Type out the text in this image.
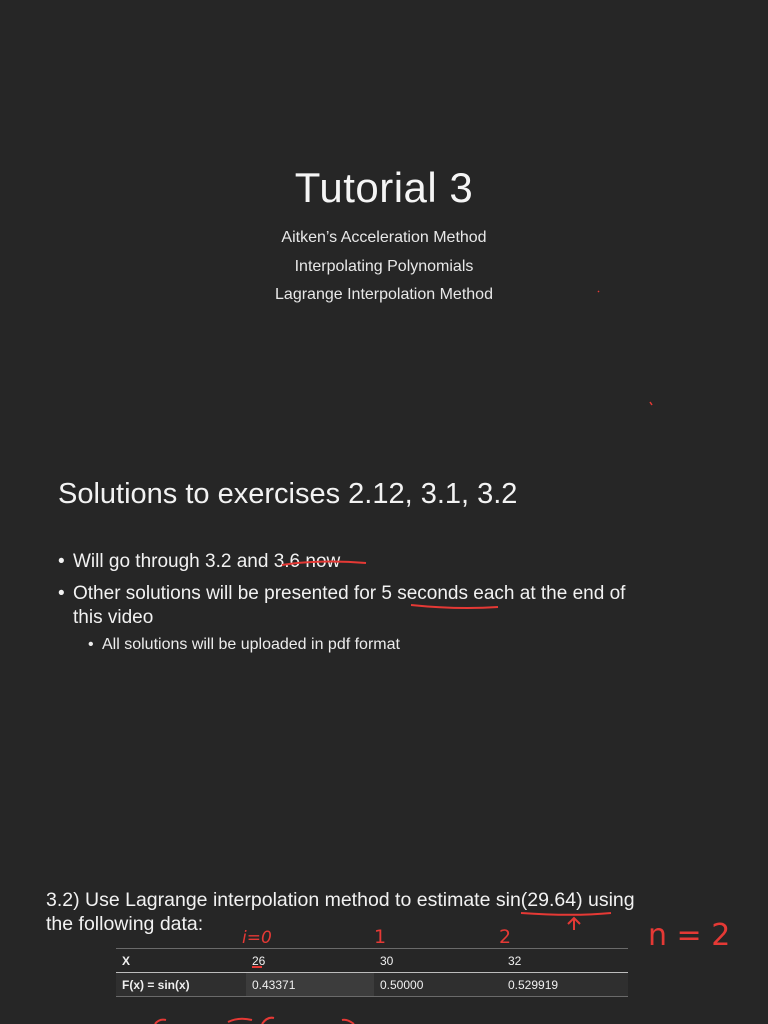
Tutorial 3
Aitken’s Acceleration Method
Interpolating Polynomials
Lagrange Interpolation Method
Solutions to exercises 2.12, 3.1, 3.2
• Will go through 3.2 and 3.6 now
• Other solutions will be presented for 5 seconds each at the end of
this video
• All solutions will be uploaded in pdf format
3.2) Use Lagrange interpolation method to estimate sin(29.64) using
the following data:
X	26	30	32
F(x) = sin(x)	0.43371	0.50000	0.529919
i=0	1	2	n = 2
